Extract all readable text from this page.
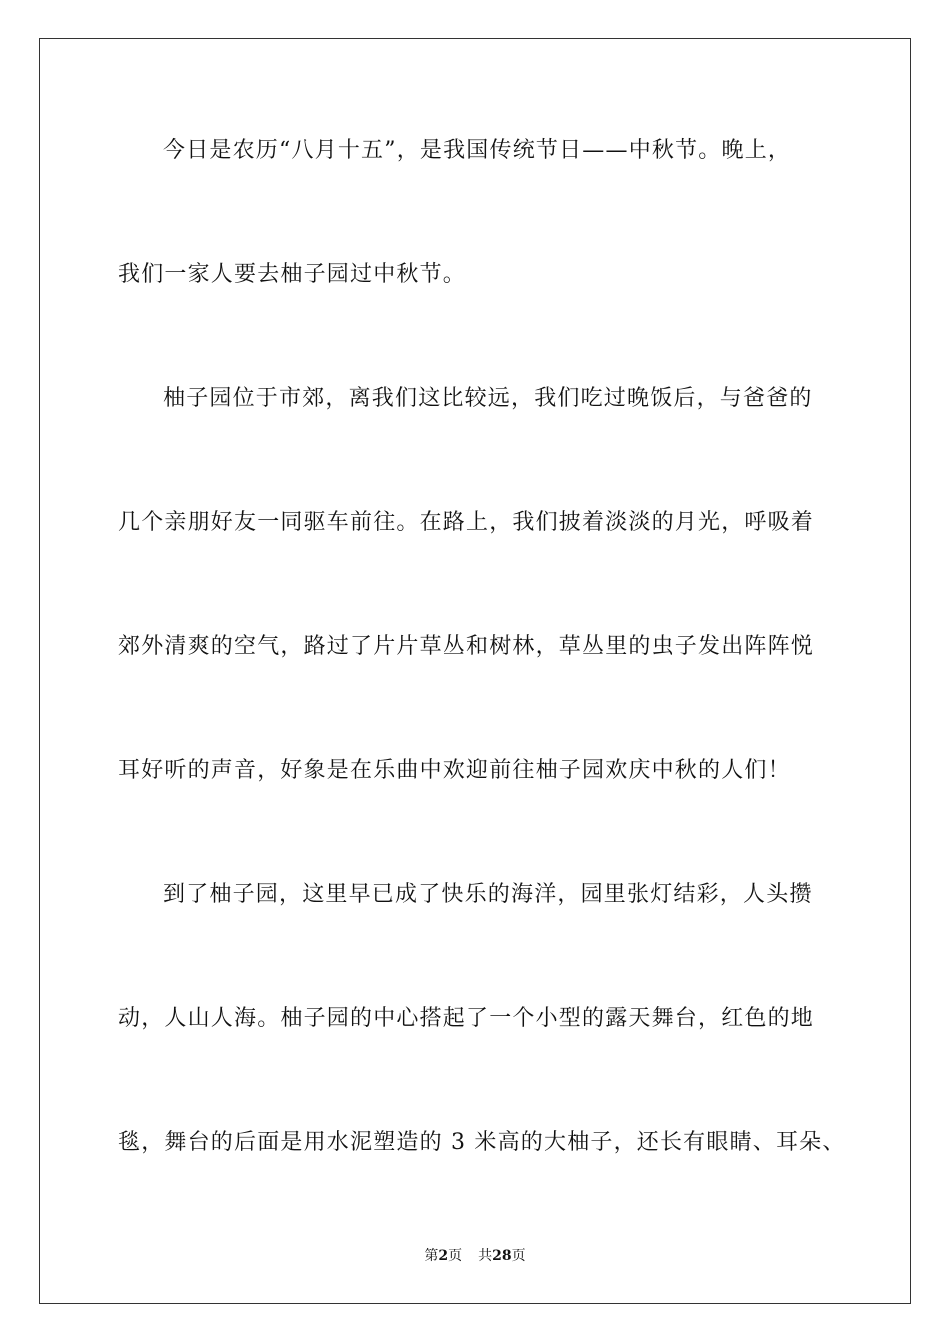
今日是农历“八月十五”，是我国传统节日——中秋节。晚上，
我们一家人要去柚子园过中秋节。
柚子园位于市郊，离我们这比较远，我们吃过晚饭后，与爸爸的
几个亲朋好友一同驱车前往。在路上，我们披着淡淡的月光，呼吸着
郊外清爽的空气，路过了片片草丛和树林，草丛里的虫子发出阵阵悦
耳好听的声音，好象是在乐曲中欢迎前往柚子园欢庆中秋的人们！
到了柚子园，这里早已成了快乐的海洋，园里张灯结彩，人头攒
动，人山人海。柚子园的中心搭起了一个小型的露天舞台，红色的地
毯，舞台的后面是用水泥塑造的 3 米高的大柚子，还长有眼睛、耳朵、
第2页 共28页
